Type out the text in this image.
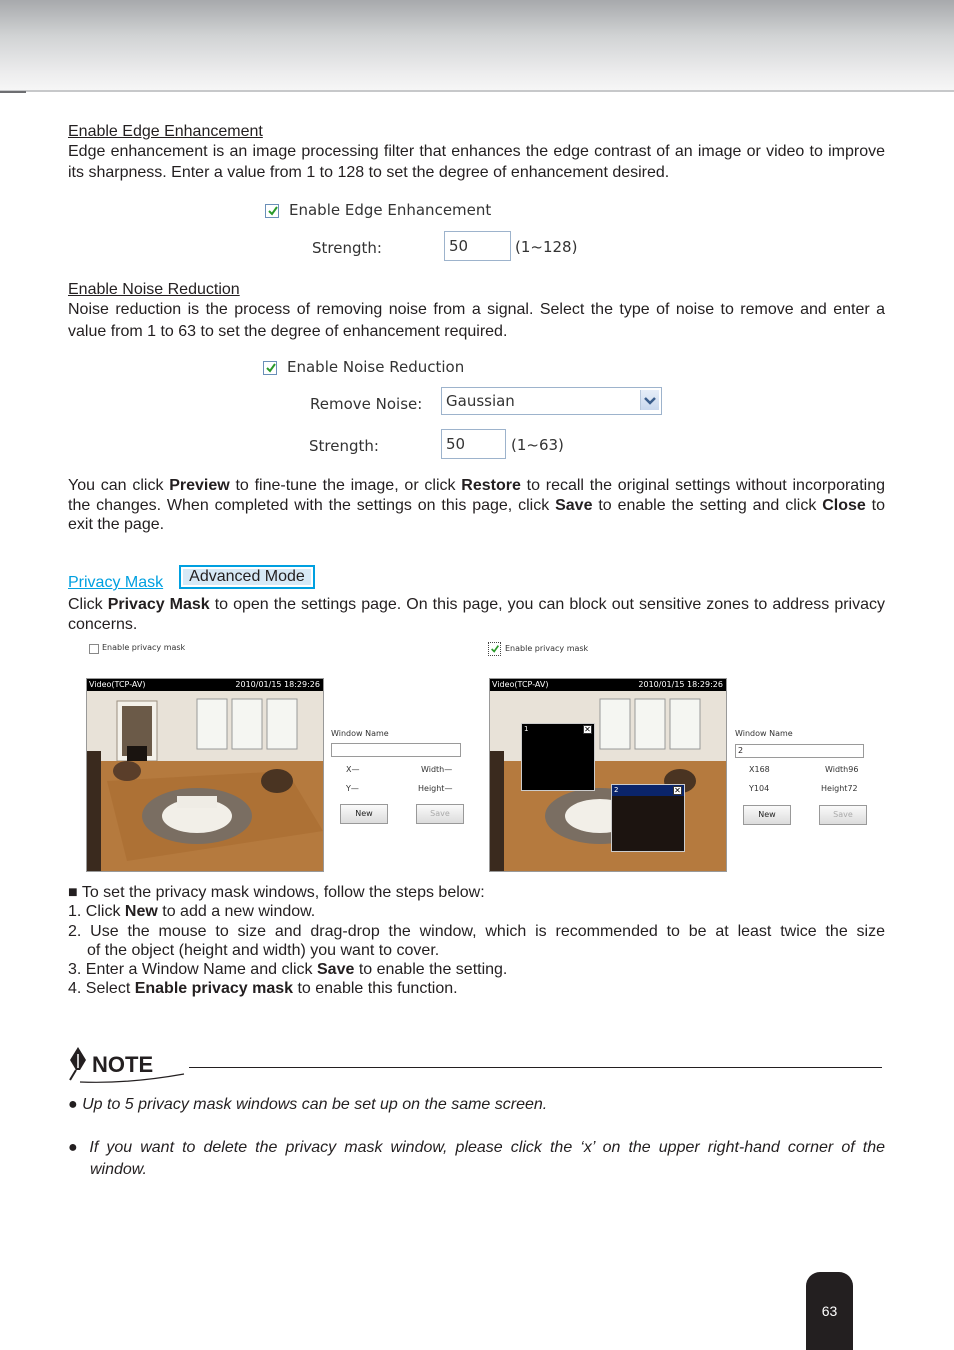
Enable Edge Enhancement
Edge enhancement is an image processing filter that enhances the edge contrast of an image or video to improve its sharpness. Enter a value from 1 to 128 to set the degree of enhancement desired.
Enable Edge Enhancement
Strength:	50	(1~128)
Enable Noise Reduction
Noise reduction is the process of removing noise from a signal. Select the type of noise to remove and enter a value from 1 to 63 to set the degree of enhancement required.
Enable Noise Reduction
Remove Noise:	Gaussian
Strength:	50	(1~63)
You can click Preview to fine-tune the image, or click Restore to recall the original settings without incorporating the changes. When completed with the settings on this page, click Save to enable the setting and click Close to exit the page.
Privacy Mask	Advanced Mode
Click Privacy Mask to open the settings page. On this page, you can block out sensitive zones to address privacy concerns.
Enable privacy mask
Video(TCP-AV)	2010/01/15 18:29:26
Window Name
X—	Width—
Y—	Height—
New	Save
Enable privacy mask
Video(TCP-AV)	2010/01/15 18:29:26
1	✕
2	✕
Window Name
2
X168	Width96
Y104	Height72
New	Save
■ To set the privacy mask windows, follow the steps below:
1. Click New to add a new window.
2. Use the mouse to size and drag-drop the window, which is recommended to be at least twice the size
of the object (height and width) you want to cover.
3. Enter a Window Name and click Save to enable the setting.
4. Select Enable privacy mask to enable this function.
NOTE
● Up to 5 privacy mask windows can be set up on the same screen.
● If you want to delete the privacy mask window, please click the ‘x’ on the upper right-hand corner of the
window.
63
